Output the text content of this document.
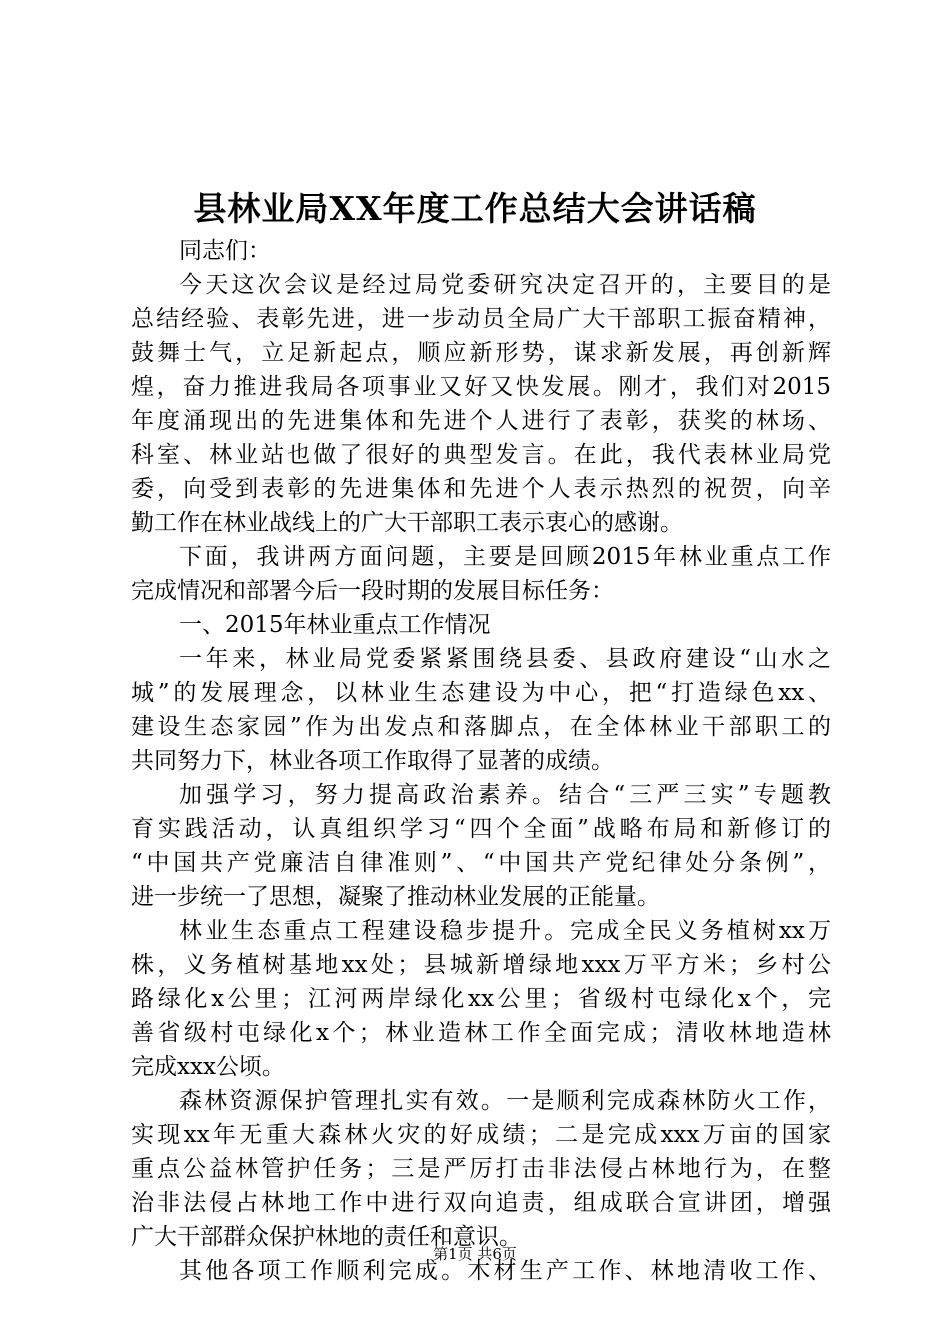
县林业局XX年度工作总结大会讲话稿
同志们：
今天这次会议是经过局党委研究决定召开的，主要目的是
总结经验、表彰先进，进一步动员全局广大干部职工振奋精神，
鼓舞士气，立足新起点，顺应新形势，谋求新发展，再创新辉
煌，奋力推进我局各项事业又好又快发展。刚才，我们对2015
年度涌现出的先进集体和先进个人进行了表彰，获奖的林场、
科室、林业站也做了很好的典型发言。在此，我代表林业局党
委，向受到表彰的先进集体和先进个人表示热烈的祝贺，向辛
勤工作在林业战线上的广大干部职工表示衷心的感谢。
下面，我讲两方面问题，主要是回顾2015年林业重点工作
完成情况和部署今后一段时期的发展目标任务：
一、2015年林业重点工作情况
一年来，林业局党委紧紧围绕县委、县政府建设“山水之
城”的发展理念，以林业生态建设为中心，把“打造绿色xx、
建设生态家园”作为出发点和落脚点，在全体林业干部职工的
共同努力下，林业各项工作取得了显著的成绩。
加强学习，努力提高政治素养。结合“三严三实”专题教
育实践活动，认真组织学习“四个全面”战略布局和新修订的
“中国共产党廉洁自律准则”、“中国共产党纪律处分条例”，
进一步统一了思想，凝聚了推动林业发展的正能量。
林业生态重点工程建设稳步提升。完成全民义务植树xx万
株，义务植树基地xx处；县城新增绿地xxx万平方米；乡村公
路绿化x公里；江河两岸绿化xx公里；省级村屯绿化x个，完
善省级村屯绿化x个；林业造林工作全面完成；清收林地造林
完成xxx公顷。
森林资源保护管理扎实有效。一是顺利完成森林防火工作，
实现xx年无重大森林火灾的好成绩；二是完成xxx万亩的国家
重点公益林管护任务；三是严厉打击非法侵占林地行为，在整
治非法侵占林地工作中进行双向追责，组成联合宣讲团，增强
广大干部群众保护林地的责任和意识。
其他各项工作顺利完成。木材生产工作、林地清收工作、
第1页 共6页
